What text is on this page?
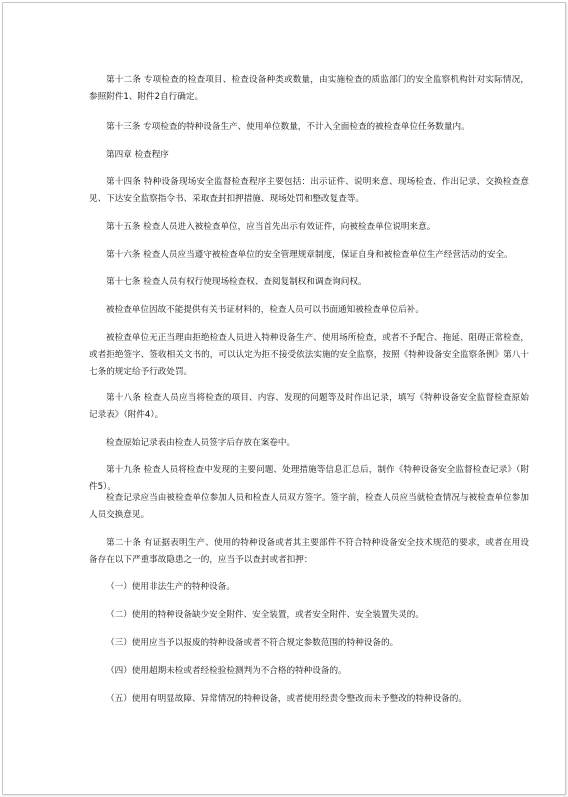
第十二条 专项检查的检查项目、检查设备种类或数量，由实施检查的质监部门的安全监察机构针对实际情况，参照附件1、附件2自行确定。

第十三条 专项检查的特种设备生产、使用单位数量，不计入全面检查的被检查单位任务数量内。

第四章 检查程序

第十四条 特种设备现场安全监督检查程序主要包括：出示证件、说明来意、现场检查、作出记录、交换检查意见、下达安全监察指令书、采取查封扣押措施、现场处罚和整改复查等。

第十五条 检查人员进入被检查单位，应当首先出示有效证件，向被检查单位说明来意。

第十六条 检查人员应当遵守被检查单位的安全管理规章制度，保证自身和被检查单位生产经营活动的安全。

第十七条 检查人员有权行使现场检查权、查阅复制权和调查询问权。

被检查单位因故不能提供有关书证材料的，检查人员可以书面通知被检查单位后补。

被检查单位无正当理由拒绝检查人员进入特种设备生产、使用场所检查，或者不予配合、拖延、阻碍正常检查，或者拒绝签字、签收相关文书的，可以认定为拒不接受依法实施的安全监察，按照《特种设备安全监察条例》第八十七条的规定给予行政处罚。

第十八条 检查人员应当将检查的项目、内容、发现的问题等及时作出记录，填写《特种设备安全监督检查原始记录表》（附件4）。

检查原始记录表由检查人员签字后存放在案卷中。

第十九条 检查人员将检查中发现的主要问题、处理措施等信息汇总后，制作《特种设备安全监督检查记录》（附件5）。

检查记录应当由被检查单位参加人员和检查人员双方签字。签字前，检查人员应当就检查情况与被检查单位参加人员交换意见。

第二十条 有证据表明生产、使用的特种设备或者其主要部件不符合特种设备安全技术规范的要求，或者在用设备存在以下严重事故隐患之一的，应当予以查封或者扣押：

（一）使用非法生产的特种设备。

（二）使用的特种设备缺少安全附件、安全装置，或者安全附件、安全装置失灵的。

（三）使用应当予以报废的特种设备或者不符合规定参数范围的特种设备的。

（四）使用超期未检或者经检验检测判为不合格的特种设备的。

（五）使用有明显故障、异常情况的特种设备，或者使用经责令整改而未予整改的特种设备的。
